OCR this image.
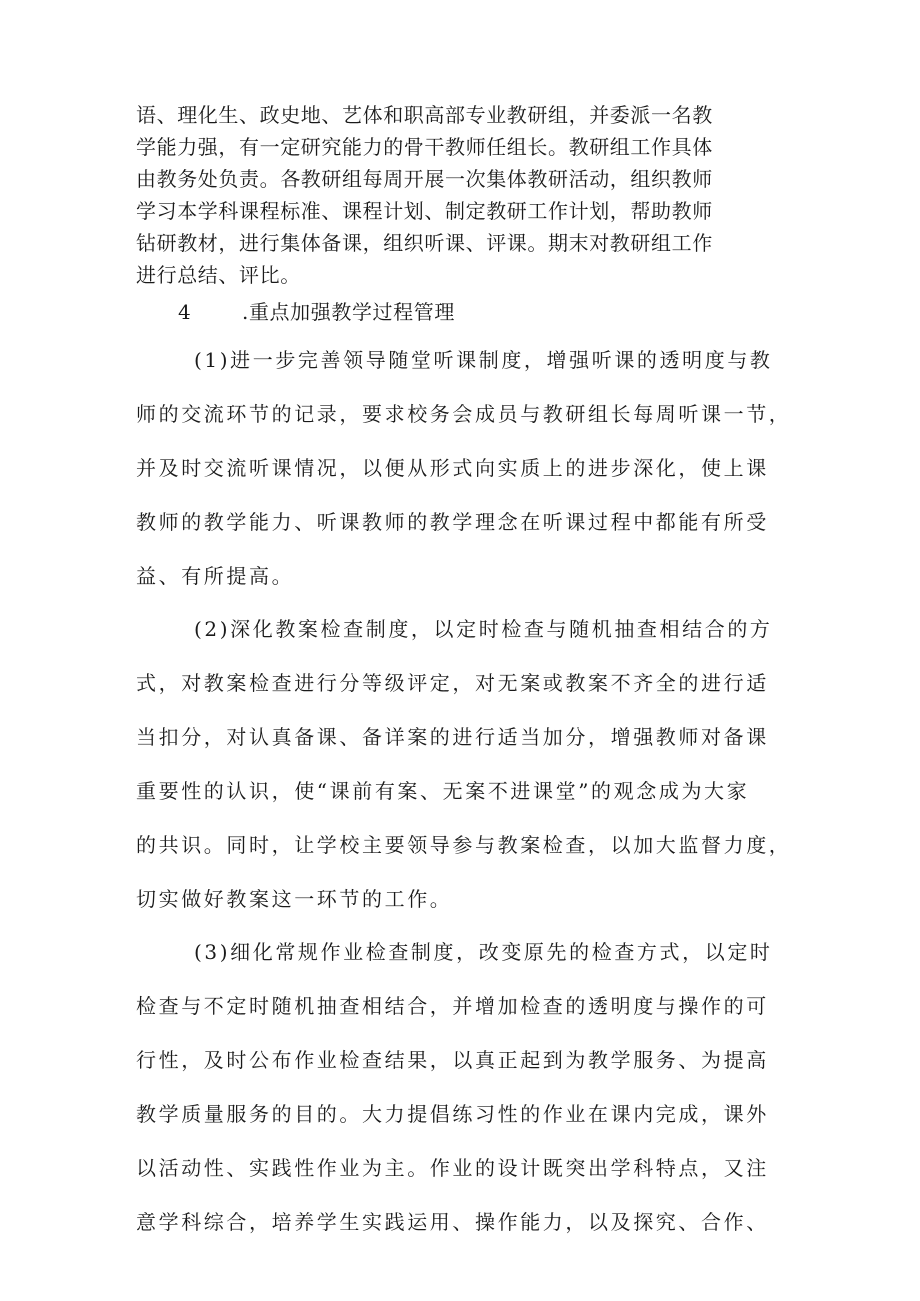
语、理化生、政史地、艺体和职高部专业教研组，并委派一名教

学能力强，有一定研究能力的骨干教师任组长。教研组工作具体

由教务处负责。各教研组每周开展一次集体教研活动，组织教师

学习本学科课程标准、课程计划、制定教研工作计划，帮助教师

钻研教材，进行集体备课，组织听课、评课。期末对教研组工作

进行总结、评比。

4	.重点加强教学过程管理

(1)进一步完善领导随堂听课制度，增强听课的透明度与教

师的交流环节的记录，要求校务会成员与教研组长每周听课一节，

并及时交流听课情况，以便从形式向实质上的进步深化，使上课

教师的教学能力、听课教师的教学理念在听课过程中都能有所受

益、有所提高。

(2)深化教案检查制度，以定时检查与随机抽查相结合的方

式，对教案检查进行分等级评定，对无案或教案不齐全的进行适

当扣分，对认真备课、备详案的进行适当加分，增强教师对备课

重要性的认识，使“课前有案、无案不进课堂”的观念成为大家

的共识。同时，让学校主要领导参与教案检查，以加大监督力度，

切实做好教案这一环节的工作。

(3)细化常规作业检查制度，改变原先的检查方式，以定时

检查与不定时随机抽查相结合，并增加检查的透明度与操作的可

行性，及时公布作业检查结果，以真正起到为教学服务、为提高

教学质量服务的目的。大力提倡练习性的作业在课内完成，课外

以活动性、实践性作业为主。作业的设计既突出学科特点，又注

意学科综合，培养学生实践运用、操作能力，以及探究、合作、
